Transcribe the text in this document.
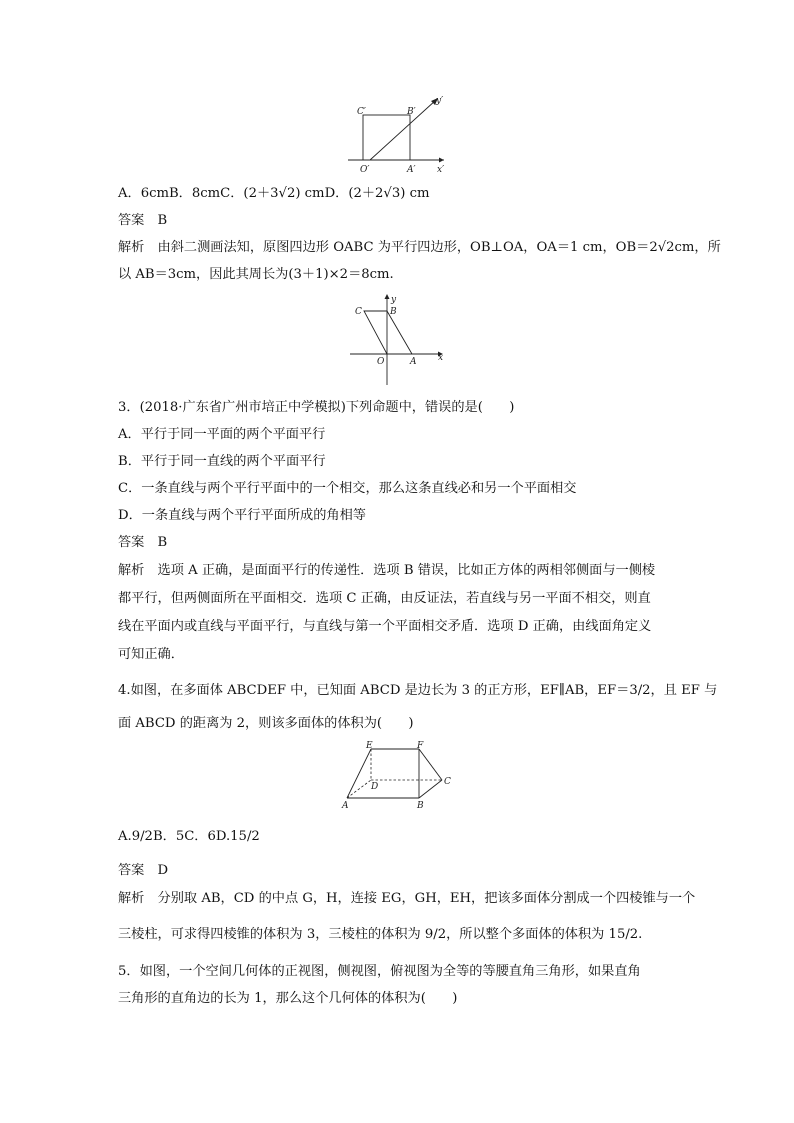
C′	B′
y′
O′	A′ x′
A．6cmB．8cmC．(2＋3√2) cmD．(2＋2√3) cm
答案　B
解析　由斜二测画法知，原图四边形 OABC 为平行四边形，OB⊥OA，OA＝1 cm，OB＝2√2cm，所
以 AB＝3cm，因此其周长为(3＋1)×2＝8cm.
C	B
y
O	A x
3．(2018·广东省广州市培正中学模拟)下列命题中，错误的是(　　)
A．平行于同一平面的两个平面平行
B．平行于同一直线的两个平面平行
C．一条直线与两个平行平面中的一个相交，那么这条直线必和另一个平面相交
D．一条直线与两个平行平面所成的角相等
答案　B
解析　选项 A 正确，是面面平行的传递性．选项 B 错误，比如正方体的两相邻侧面与一侧棱
都平行，但两侧面所在平面相交．选项 C 正确，由反证法，若直线与另一平面不相交，则直
线在平面内或直线与平面平行，与直线与第一个平面相交矛盾．选项 D 正确，由线面角定义
可知正确．
4.如图，在多面体 ABCDEF 中，已知面 ABCD 是边长为 3 的正方形，EF∥AB，EF＝3/2，且 EF 与
面 ABCD 的距离为 2，则该多面体的体积为(　　)
E	F
D	C
A	B
A.9/2B．5C．6D.15/2
答案　D
解析　分别取 AB，CD 的中点 G，H，连接 EG，GH，EH，把该多面体分割成一个四棱锥与一个
三棱柱，可求得四棱锥的体积为 3，三棱柱的体积为 9/2，所以整个多面体的体积为 15/2.
5．如图，一个空间几何体的正视图，侧视图，俯视图为全等的等腰直角三角形，如果直角
三角形的直角边的长为 1，那么这个几何体的体积为(　　)
